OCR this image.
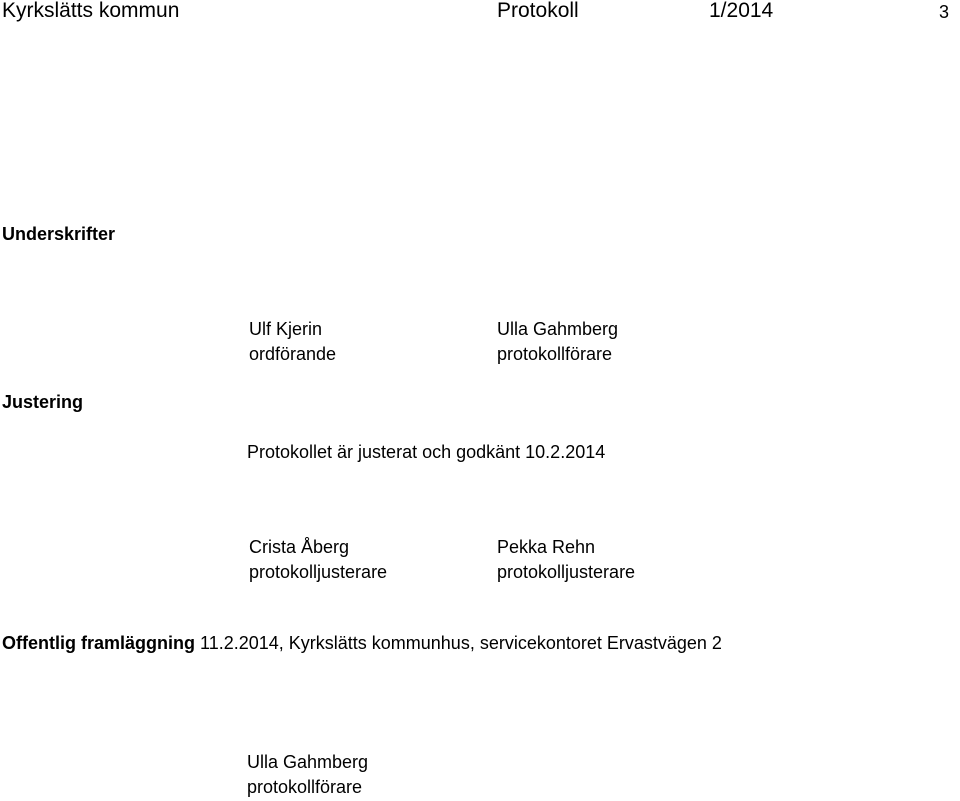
Kyrkslätts kommun	Protokoll	1/2014	3
Underskrifter
Ulf Kjerin
ordförande
Ulla Gahmberg
protokollförare
Justering
Protokollet är justerat och godkänt 10.2.2014
Crista Åberg
protokolljusterare
Pekka Rehn
protokolljusterare
Offentlig framläggning 11.2.2014, Kyrkslätts kommunhus, servicekontoret Ervastvägen 2
Ulla Gahmberg
protokollförare
